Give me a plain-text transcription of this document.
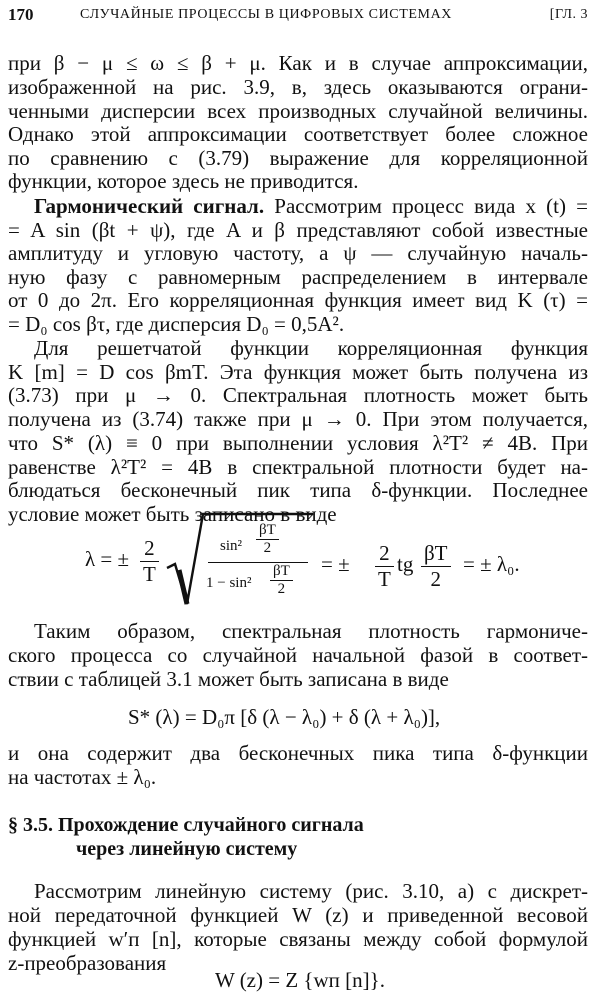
170	СЛУЧАЙНЫЕ ПРОЦЕССЫ В ЦИФРОВЫХ СИСТЕМАХ	[ГЛ. 3
при β − μ ≤ ω ≤ β + μ. Как и в случае аппроксимации,
изображенной на рис. 3.9, в, здесь оказываются ограни-
ченными дисперсии всех производных случайной величины.
Однако этой аппроксимации соответствует более сложное
по сравнению с (3.79) выражение для корреляционной
функции, которое здесь не приводится.
Гармонический сигнал. Рассмотрим процесс вида x (t) =
= A sin (βt + ψ), где A и β представляют собой известные
амплитуду и угловую частоту, а ψ — случайную началь-
ную фазу с равномерным распределением в интервале
от 0 до 2π. Его корреляционная функция имеет вид K (τ) =
= D₀ cos βτ, где дисперсия D₀ = 0,5A².
Для решетчатой функции корреляционная функция
K [m] = D cos βmT. Эта функция может быть получена из
(3.73) при μ → 0. Спектральная плотность может быть
получена из (3.74) также при μ → 0. При этом получается,
что S* (λ) ≡ 0 при выполнении условия λ²T² ≠ 4B. При
равенстве λ²T² = 4B в спектральной плотности будет на-
блюдаться бесконечный пик типа δ-функции. Последнее
условие может быть записано в виде
λ = ± $\frac{2}{T}$	$\frac{\sin^2 \frac{\beta T}{2}}{1 - \sin^2 \frac{\beta T}{2}}$ = ± $\frac{2}{T}$ tg $\frac{\beta T}{2}$ = ± λ₀.
Таким образом, спектральная плотность гармониче-
ского процесса со случайной начальной фазой в соответ-
ствии с таблицей 3.1 может быть записана в виде
S* (λ) = D₀π [δ (λ − λ₀) + δ (λ + λ₀)],
и она содержит два бесконечных пика типа δ-функции
на частотах ± λ₀.
§ 3.5. Прохождение случайного сигнала
через линейную систему
Рассмотрим линейную систему (рис. 3.10, а) с дискрет-
ной передаточной функцией W (z) и приведенной весовой
функцией w′п [n], которые связаны между собой формулой
z-преобразования
W (z) = Z {wп [n]}.
